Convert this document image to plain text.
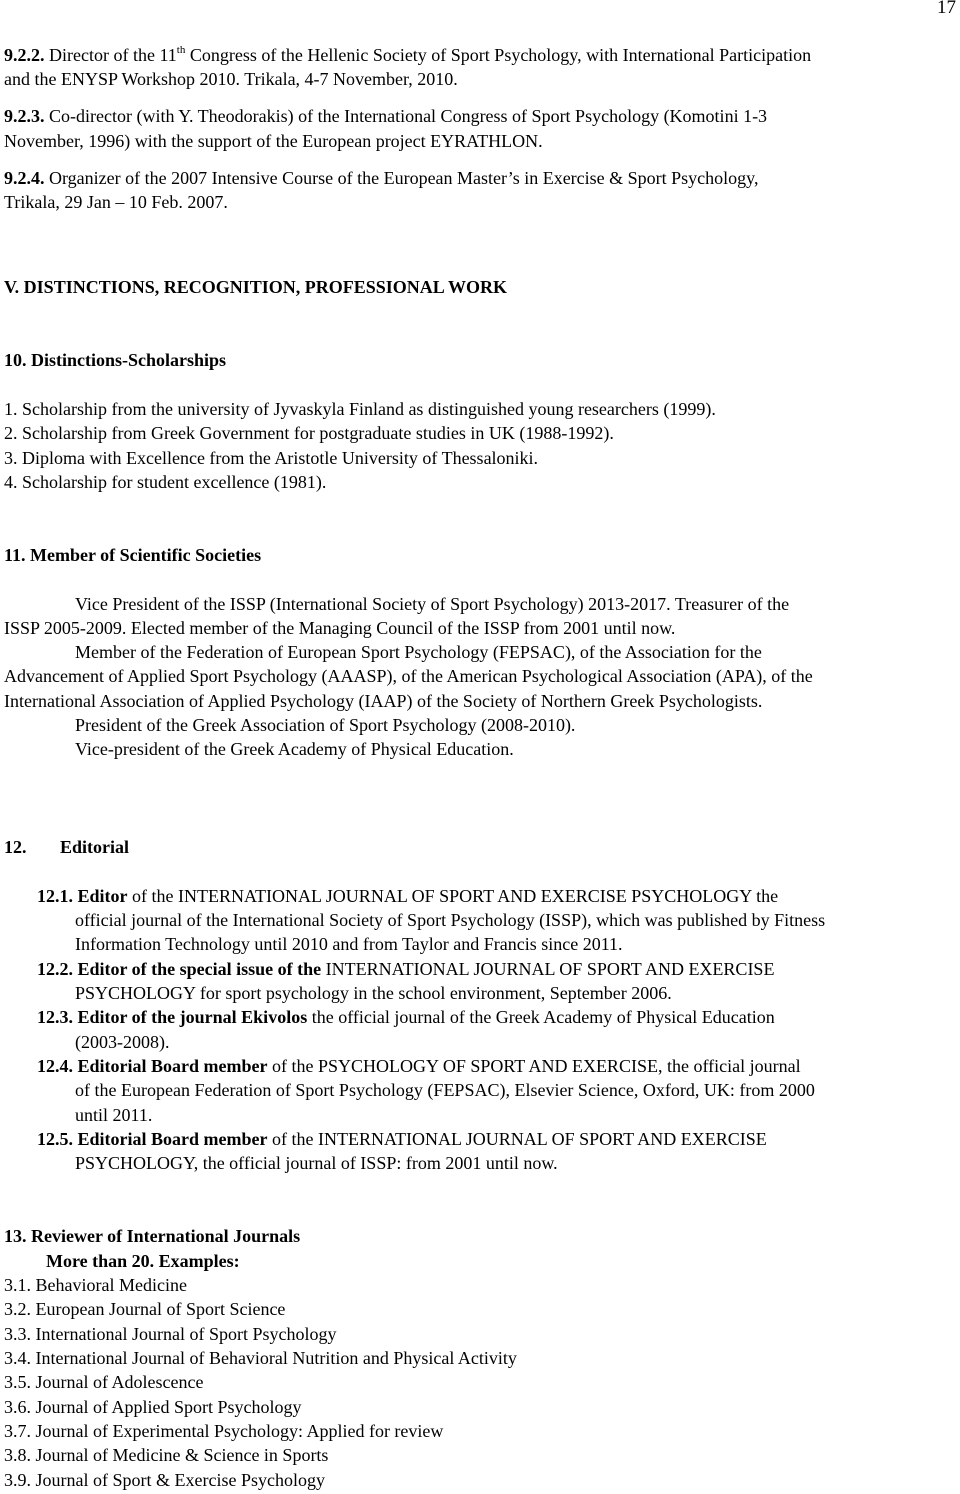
17
9.2.2. Director of the 11th Congress of the Hellenic Society of Sport Psychology, with International Participation
and the ENYSP Workshop 2010. Trikala, 4-7 November, 2010.
9.2.3. Co-director (with Y. Theodorakis) of the International Congress of Sport Psychology (Komotini 1-3
November, 1996) with the support of the European project EYRATHLON.
9.2.4. Organizer of the 2007 Intensive Course of the European Master’s in Exercise & Sport Psychology,
Trikala, 29 Jan – 10 Feb. 2007.
V. DISTINCTIONS, RECOGNITION, PROFESSIONAL WORK
10. Distinctions-Scholarships
1. Scholarship from the university of Jyvaskyla Finland as distinguished young researchers (1999).
2. Scholarship from Greek Government for postgraduate studies in UK (1988-1992).
3. Diploma with Excellence from the Aristotle University of Thessaloniki.
4. Scholarship for student excellence (1981).
11. Member of Scientific Societies
Vice President of the ISSP (International Society of Sport Psychology) 2013-2017. Treasurer of the
ISSP 2005-2009. Elected member of the Managing Council of the ISSP from 2001 until now.
Member of the Federation of European Sport Psychology (FEPSAC), of the Association for the
Advancement of Applied Sport Psychology (AAASP), of the American Psychological Association (APA), of the
International Association of Applied Psychology (IAAP) of the Society of Northern Greek Psychologists.
President of the Greek Association of Sport Psychology (2008-2010).
Vice-president of the Greek Academy of Physical Education.
12. Editorial
12.1. Editor of the INTERNATIONAL JOURNAL OF SPORT AND EXERCISE PSYCHOLOGY the
official journal of the International Society of Sport Psychology (ISSP), which was published by Fitness
Information Technology until 2010 and from Taylor and Francis since 2011.
12.2. Editor of the special issue of the INTERNATIONAL JOURNAL OF SPORT AND EXERCISE
PSYCHOLOGY for sport psychology in the school environment, September 2006.
12.3. Editor of the journal Ekivolos the official journal of the Greek Academy of Physical Education
(2003-2008).
12.4. Editorial Board member of the PSYCHOLOGY OF SPORT AND EXERCISE, the official journal
of the European Federation of Sport Psychology (FEPSAC), Elsevier Science, Oxford, UK: from 2000
until 2011.
12.5. Editorial Board member of the INTERNATIONAL JOURNAL OF SPORT AND EXERCISE
PSYCHOLOGY, the official journal of ISSP: from 2001 until now.
13. Reviewer of International Journals
More than 20. Examples:
3.1. Behavioral Medicine
3.2. European Journal of Sport Science
3.3. International Journal of Sport Psychology
3.4. International Journal of Behavioral Nutrition and Physical Activity
3.5. Journal of Adolescence
3.6. Journal of Applied Sport Psychology
3.7. Journal of Experimental Psychology: Applied for review
3.8. Journal of Medicine & Science in Sports
3.9. Journal of Sport & Exercise Psychology
